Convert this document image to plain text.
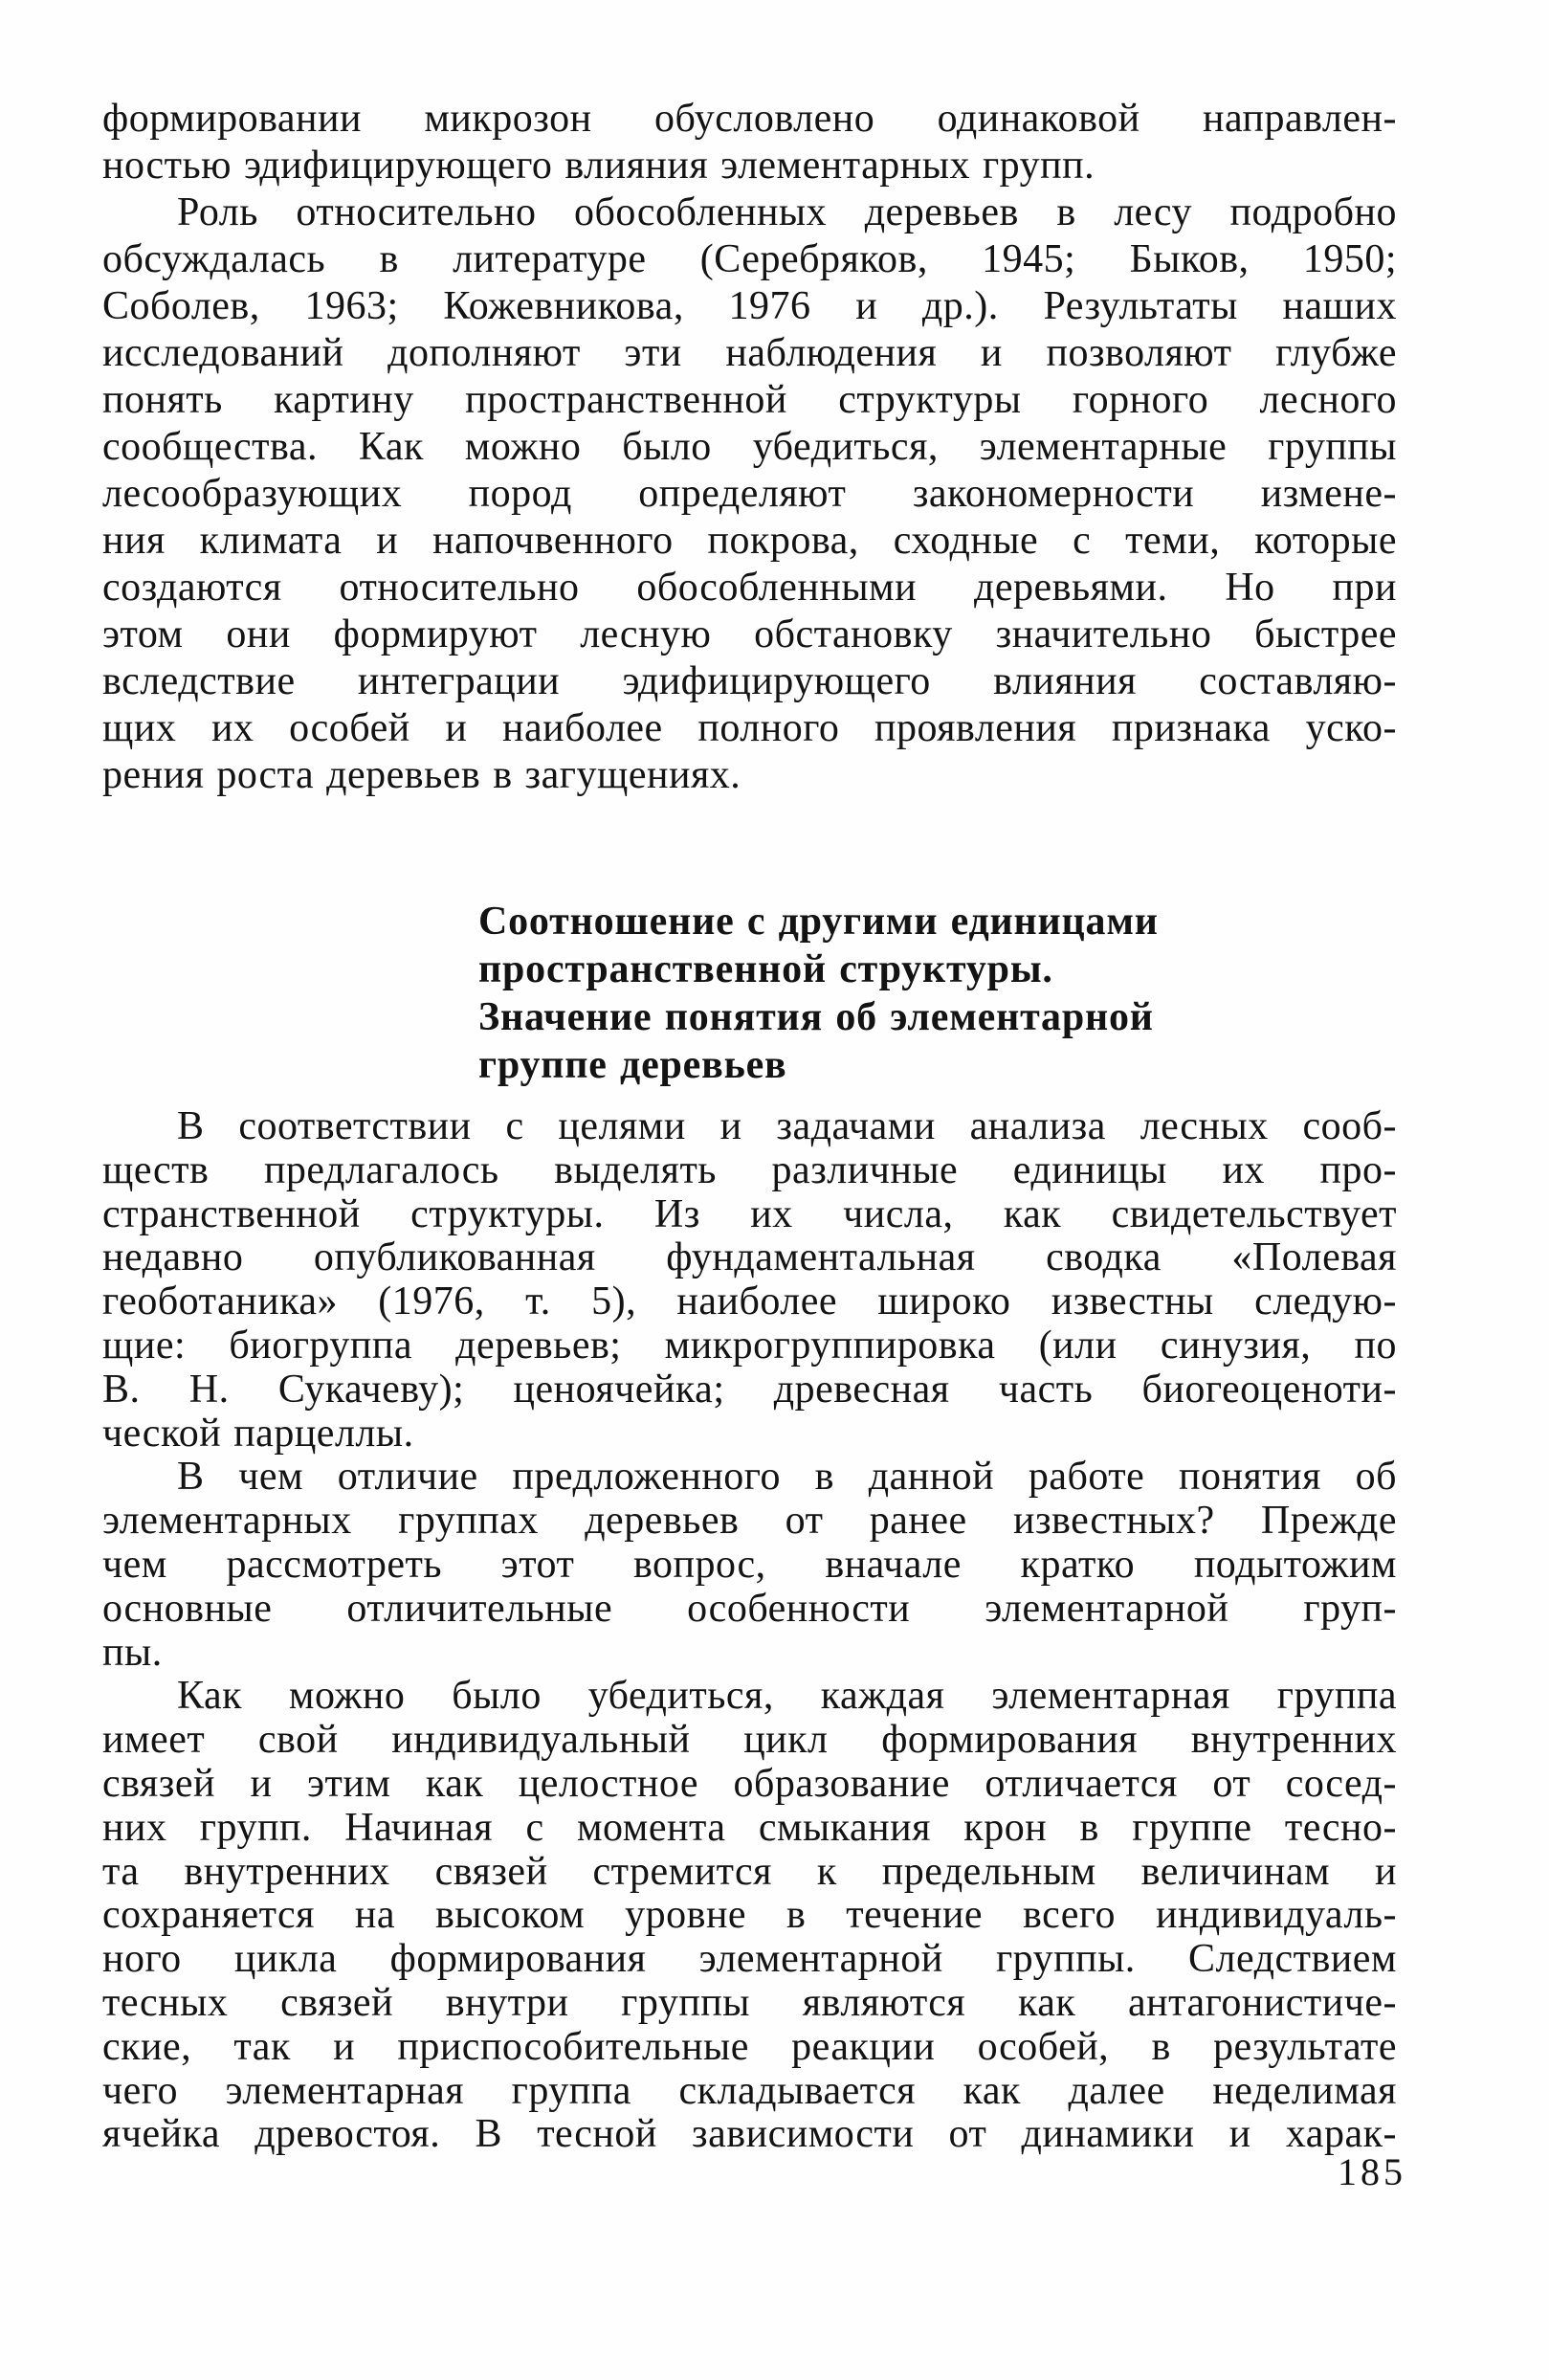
формировании микрозон обусловлено одинаковой направлен-
ностью эдифицирующего влияния элементарных групп.
Роль относительно обособленных деревьев в лесу подробно
обсуждалась в литературе (Серебряков, 1945; Быков, 1950;
Соболев, 1963; Кожевникова, 1976 и др.). Результаты наших
исследований дополняют эти наблюдения и позволяют глубже
понять картину пространственной структуры горного лесного
сообщества. Как можно было убедиться, элементарные группы
лесообразующих пород определяют закономерности измене-
ния климата и напочвенного покрова, сходные с теми, которые
создаются относительно обособленными деревьями. Но при
этом они формируют лесную обстановку значительно быстрее
вследствие интеграции эдифицирующего влияния составляю-
щих их особей и наиболее полного проявления признака уско-
рения роста деревьев в загущениях.
Соотношение с другими единицами
пространственной структуры.
Значение понятия об элементарной
группе деревьев
В соответствии с целями и задачами анализа лесных сооб-
ществ предлагалось выделять различные единицы их про-
странственной структуры. Из их числа, как свидетельствует
недавно опубликованная фундаментальная сводка «Полевая
геоботаника» (1976, т. 5), наиболее широко известны следую-
щие: биогруппа деревьев; микрогруппировка (или синузия, по
В. Н. Сукачеву); ценоячейка; древесная часть биогеоценоти-
ческой парцеллы.
В чем отличие предложенного в данной работе понятия об
элементарных группах деревьев от ранее известных? Прежде
чем рассмотреть этот вопрос, вначале кратко подытожим
основные отличительные особенности элементарной груп-
пы.
Как можно было убедиться, каждая элементарная группа
имеет свой индивидуальный цикл формирования внутренних
связей и этим как целостное образование отличается от сосед-
них групп. Начиная с момента смыкания крон в группе тесно-
та внутренних связей стремится к предельным величинам и
сохраняется на высоком уровне в течение всего индивидуаль-
ного цикла формирования элементарной группы. Следствием
тесных связей внутри группы являются как антагонистиче-
ские, так и приспособительные реакции особей, в результате
чего элементарная группа складывается как далее неделимая
ячейка древостоя. В тесной зависимости от динамики и харак-
185
